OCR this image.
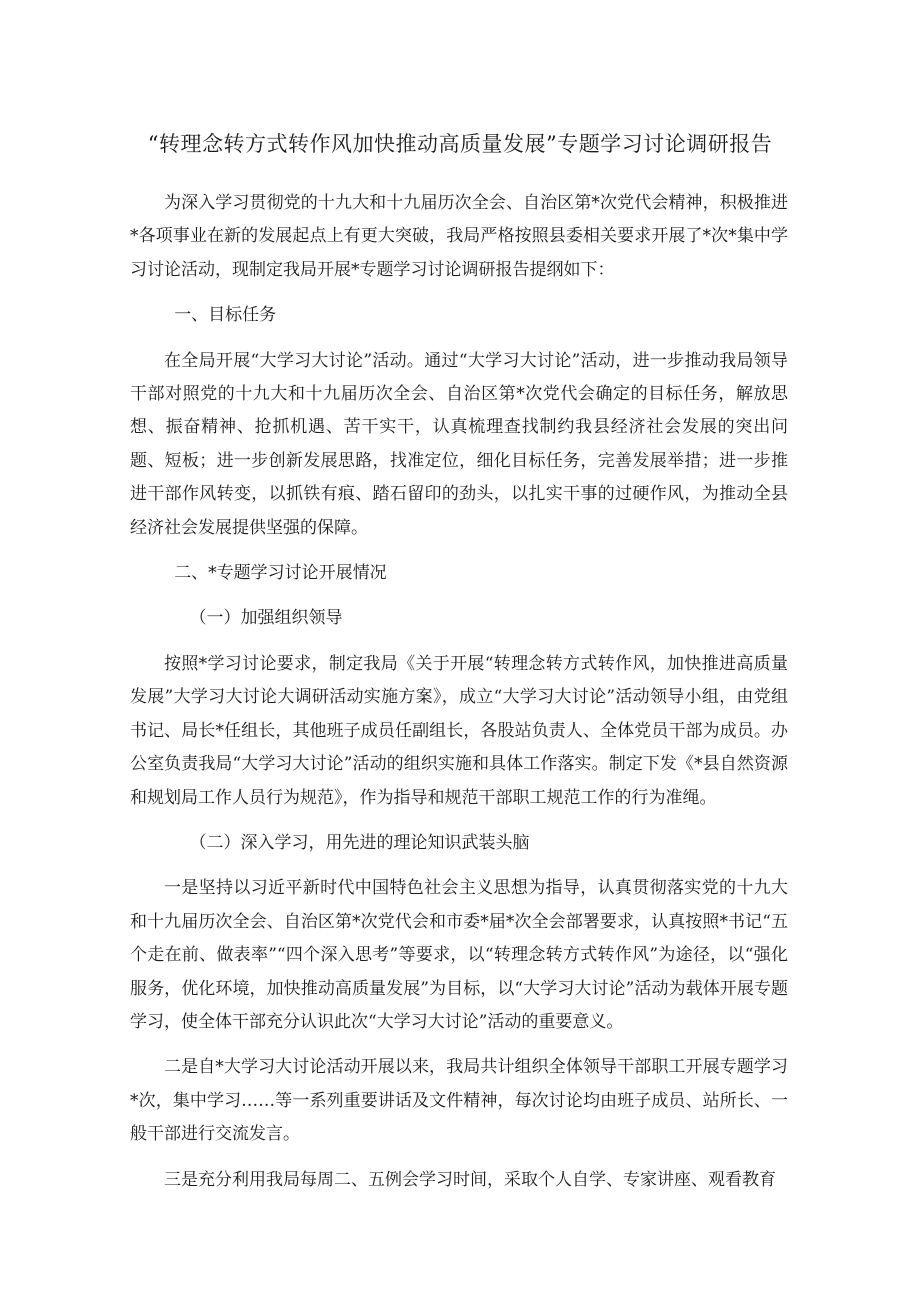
“转理念转方式转作风加快推动高质量发展”专题学习讨论调研报告

为深入学习贯彻党的十九大和十九届历次全会、自治区第*次党代会精神，积极推进*各项事业在新的发展起点上有更大突破，我局严格按照县委相关要求开展了*次*集中学习讨论活动，现制定我局开展*专题学习讨论调研报告提纲如下：

一、目标任务

在全局开展“大学习大讨论”活动。通过“大学习大讨论”活动，进一步推动我局领导干部对照党的十九大和十九届历次全会、自治区第*次党代会确定的目标任务，解放思想、振奋精神、抢抓机遇、苦干实干，认真梳理查找制约我县经济社会发展的突出问题、短板；进一步创新发展思路，找准定位，细化目标任务，完善发展举措；进一步推进干部作风转变，以抓铁有痕、踏石留印的劲头，以扎实干事的过硬作风，为推动全县经济社会发展提供坚强的保障。

二、*专题学习讨论开展情况

（一）加强组织领导

按照*学习讨论要求，制定我局《关于开展“转理念转方式转作风，加快推进高质量发展”大学习大讨论大调研活动实施方案》，成立“大学习大讨论”活动领导小组，由党组书记、局长*任组长，其他班子成员任副组长，各股站负责人、全体党员干部为成员。办公室负责我局“大学习大讨论”活动的组织实施和具体工作落实。制定下发《*县自然资源和规划局工作人员行为规范》，作为指导和规范干部职工规范工作的行为准绳。

（二）深入学习，用先进的理论知识武装头脑

一是坚持以习近平新时代中国特色社会主义思想为指导，认真贯彻落实党的十九大和十九届历次全会、自治区第*次党代会和市委*届*次全会部署要求，认真按照*书记“五个走在前、做表率”“四个深入思考”等要求，以“转理念转方式转作风”为途径，以“强化服务，优化环境，加快推动高质量发展”为目标，以“大学习大讨论”活动为载体开展专题学习，使全体干部充分认识此次“大学习大讨论”活动的重要意义。

二是自*大学习大讨论活动开展以来，我局共计组织全体领导干部职工开展专题学习*次，集中学习……等一系列重要讲话及文件精神，每次讨论均由班子成员、站所长、一般干部进行交流发言。

三是充分利用我局每周二、五例会学习时间，采取个人自学、专家讲座、观看教育
